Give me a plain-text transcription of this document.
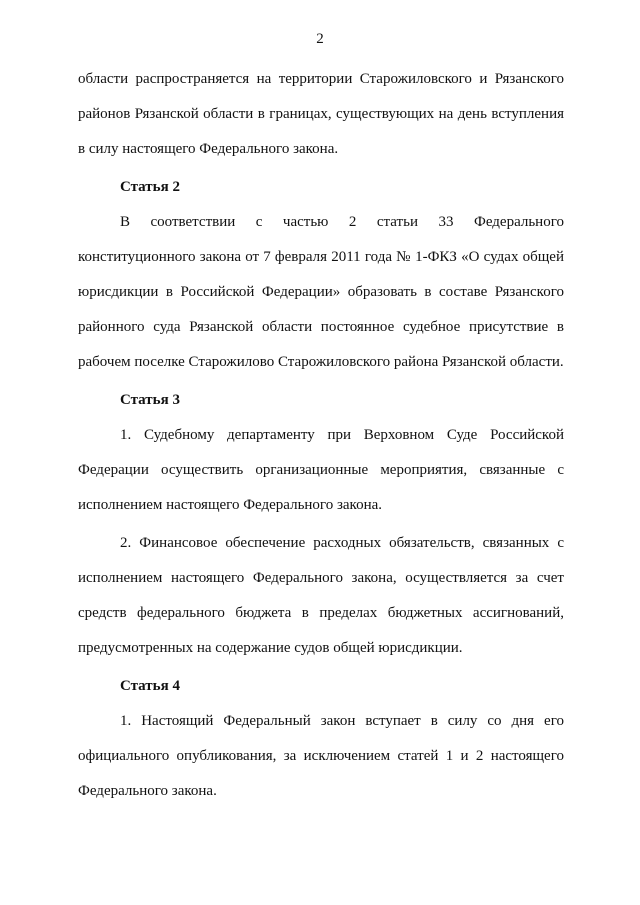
2

области распространяется на территории Старожиловского и Рязанского районов Рязанской области в границах, существующих на день вступления в силу настоящего Федерального закона.

Статья 2

В соответствии с частью 2 статьи 33 Федерального конституционного закона от 7 февраля 2011 года № 1-ФКЗ «О судах общей юрисдикции в Российской Федерации» образовать в составе Рязанского районного суда Рязанской области постоянное судебное присутствие в рабочем поселке Старожилово Старожиловского района Рязанской области.

Статья 3

1. Судебному департаменту при Верховном Суде Российской Федерации осуществить организационные мероприятия, связанные с исполнением настоящего Федерального закона.

2. Финансовое обеспечение расходных обязательств, связанных с исполнением настоящего Федерального закона, осуществляется за счет средств федерального бюджета в пределах бюджетных ассигнований, предусмотренных на содержание судов общей юрисдикции.

Статья 4

1. Настоящий Федеральный закон вступает в силу со дня его официального опубликования, за исключением статей 1 и 2 настоящего Федерального закона.
